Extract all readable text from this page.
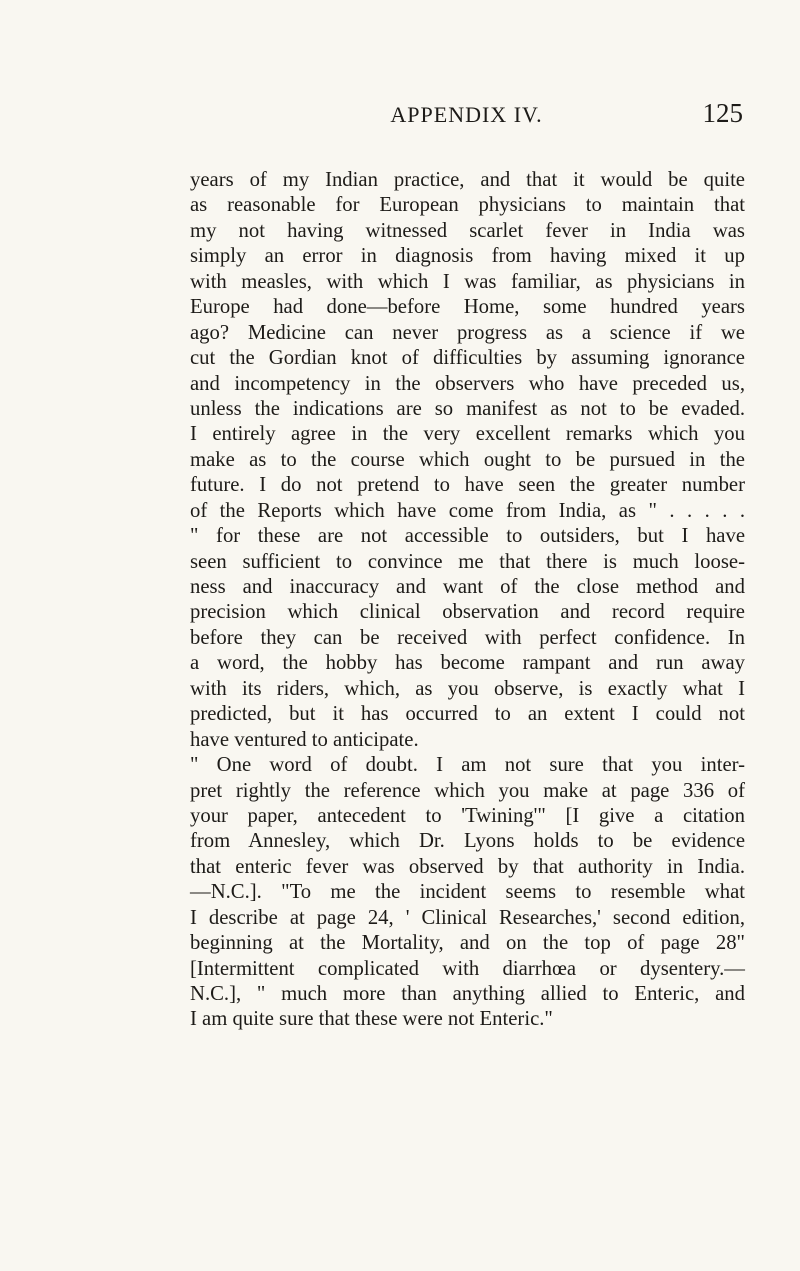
APPENDIX IV.	125
years of my Indian practice, and that it would be quite
as reasonable for European physicians to maintain that
my not having witnessed scarlet fever in India was
simply an error in diagnosis from having mixed it up
with measles, with which I was familiar, as physicians in
Europe had done—before Home, some hundred years
ago? Medicine can never progress as a science if we
cut the Gordian knot of difficulties by assuming ignorance
and incompetency in the observers who have preceded us,
unless the indications are so manifest as not to be evaded.
I entirely agree in the very excellent remarks which you
make as to the course which ought to be pursued in the
future. I do not pretend to have seen the greater number
of the Reports which have come from India, as " . . . . .
" for these are not accessible to outsiders, but I have
seen sufficient to convince me that there is much loose-
ness and inaccuracy and want of the close method and
precision which clinical observation and record require
before they can be received with perfect confidence. In
a word, the hobby has become rampant and run away
with its riders, which, as you observe, is exactly what I
predicted, but it has occurred to an extent I could not
have ventured to anticipate.
" One word of doubt. I am not sure that you inter-
pret rightly the reference which you make at page 336 of
your paper, antecedent to 'Twining'" [I give a citation
from Annesley, which Dr. Lyons holds to be evidence
that enteric fever was observed by that authority in India.
—N.C.]. "To me the incident seems to resemble what
I describe at page 24, ' Clinical Researches,' second edition,
beginning at the Mortality, and on the top of page 28"
[Intermittent complicated with diarrhœa or dysentery.—
N.C.], " much more than anything allied to Enteric, and
I am quite sure that these were not Enteric."
